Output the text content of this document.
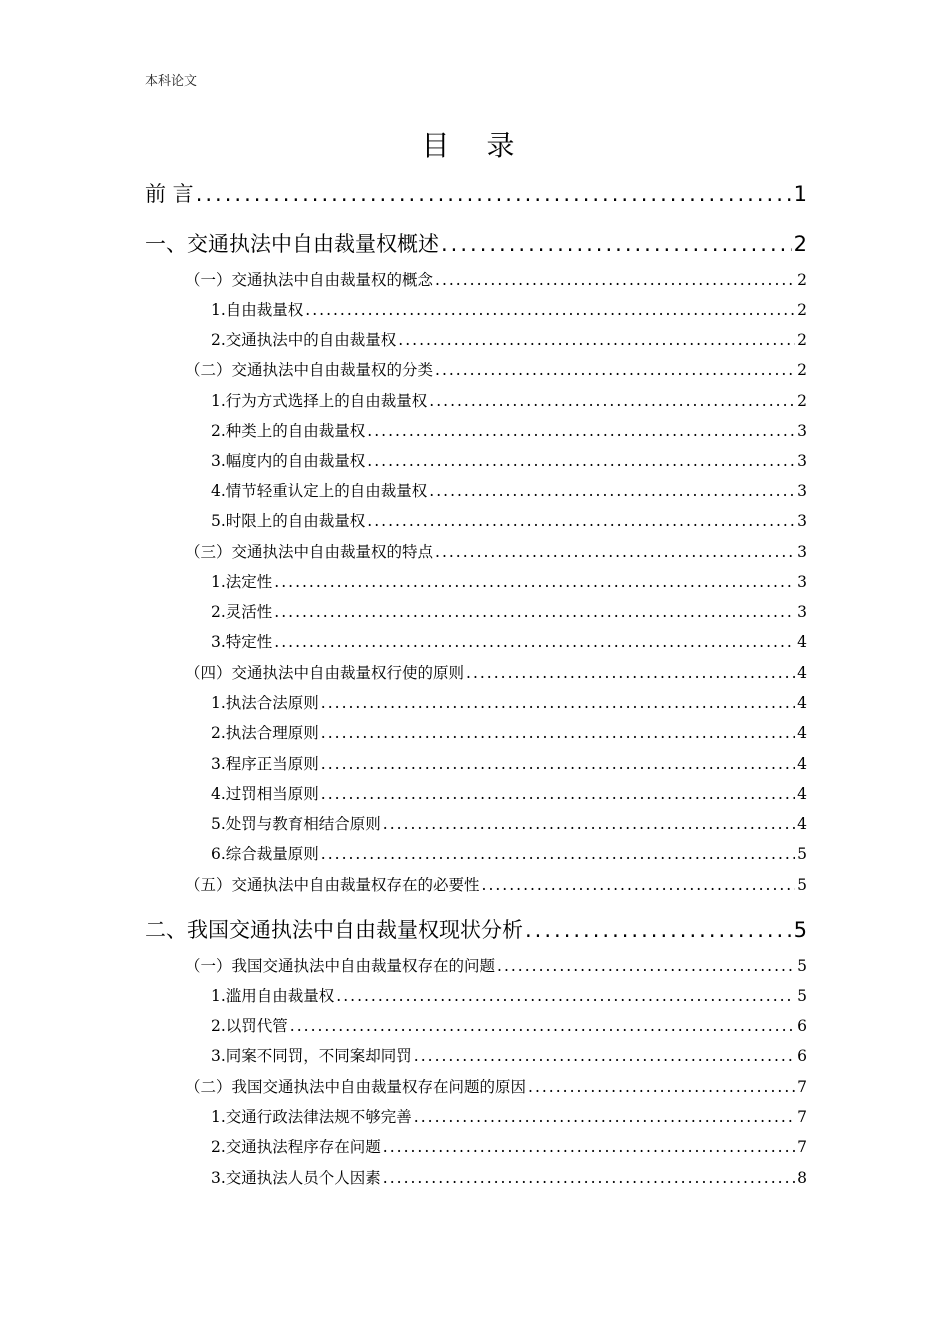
本科论文
目 录
前 言 .....	1
一、交通执法中自由裁量权概述 .....	2
（一）交通执法中自由裁量权的概念 .....	2
1.自由裁量权 .....	2
2.交通执法中的自由裁量权 .....	2
（二）交通执法中自由裁量权的分类 .....	2
1.行为方式选择上的自由裁量权 .....	2
2.种类上的自由裁量权 .....	3
3.幅度内的自由裁量权 .....	3
4.情节轻重认定上的自由裁量权 .....	3
5.时限上的自由裁量权 .....	3
（三）交通执法中自由裁量权的特点 .....	3
1.法定性 .....	3
2.灵活性 .....	3
3.特定性 .....	4
（四）交通执法中自由裁量权行使的原则 .....	4
1.执法合法原则 .....	4
2.执法合理原则 .....	4
3.程序正当原则 .....	4
4.过罚相当原则 .....	4
5.处罚与教育相结合原则 .....	4
6.综合裁量原则 .....	5
（五）交通执法中自由裁量权存在的必要性 .....	5
二、我国交通执法中自由裁量权现状分析 .....	5
（一）我国交通执法中自由裁量权存在的问题 .....	5
1.滥用自由裁量权 .....	5
2.以罚代管 .....	6
3.同案不同罚，不同案却同罚 .....	6
（二）我国交通执法中自由裁量权存在问题的原因 .....	7
1.交通行政法律法规不够完善 .....	7
2.交通执法程序存在问题 .....	7
3.交通执法人员个人因素 .....	8
